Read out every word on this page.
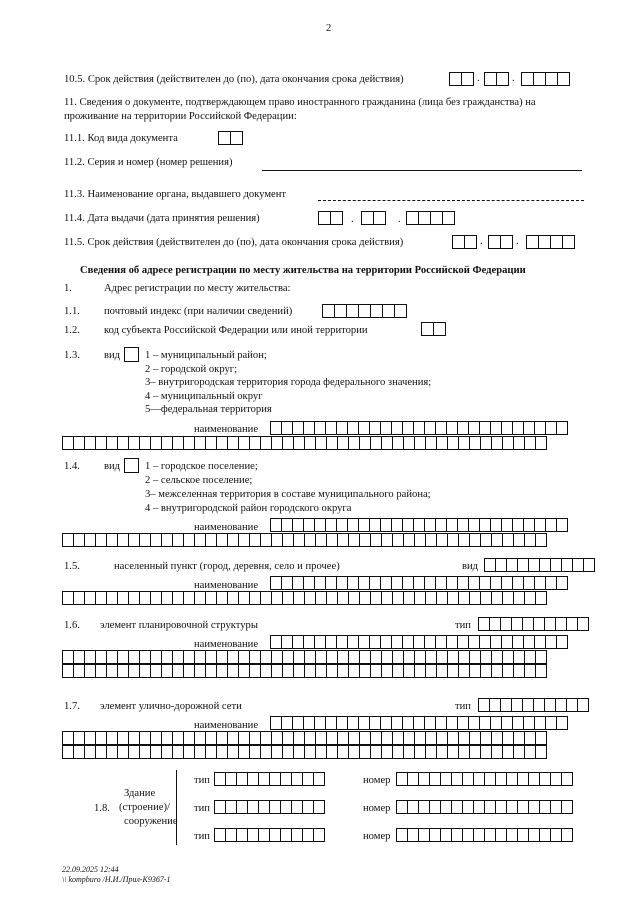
2
10.5. Срок действия (действителен до (по), дата окончания срока действия)	.	.
11. Сведения о документе, подтверждающем право иностранного гражданина (лица без гражданства) на
проживание на территории Российской Федерации:
11.1. Код вида документа
11.2. Серия и номер (номер решения)
11.3. Наименование органа, выдавшего документ
11.4. Дата выдачи (дата принятия решения)	.	.
11.5. Срок действия (действителен до (по), дата окончания срока действия)	.	.
Сведения об адресе регистрации по месту жительства на территории Российской Федерации
1.	Адрес регистрации по месту жительства:
1.1. почтовый индекс (при наличии сведений)
1.2. код субъекта Российской Федерации или иной территории
1.3. вид 1 – муниципальный район;
2 – городской округ;
3– внутригородская территория города федерального значения;
4 – муниципальный округ
5—федеральная территория
наименование
1.4. вид 1 – городское поселение;
2 – сельское поселение;
3– межселенная территория в составе муниципального района;
4 – внутригородской район городского округа
наименование
1.5.	населенный пункт (город, деревня, село и прочее)	вид
наименование
1.6. элемент планировочной структуры	тип
наименование
1.7. элемент улично-дорожной сети	тип
наименование
1.8.
Здание
(строение)/
сооружение
тип	номер
тип	номер
тип	номер
22.09.2025 12:44
\\ kompburo /Н.И./Прил-К9367-1
